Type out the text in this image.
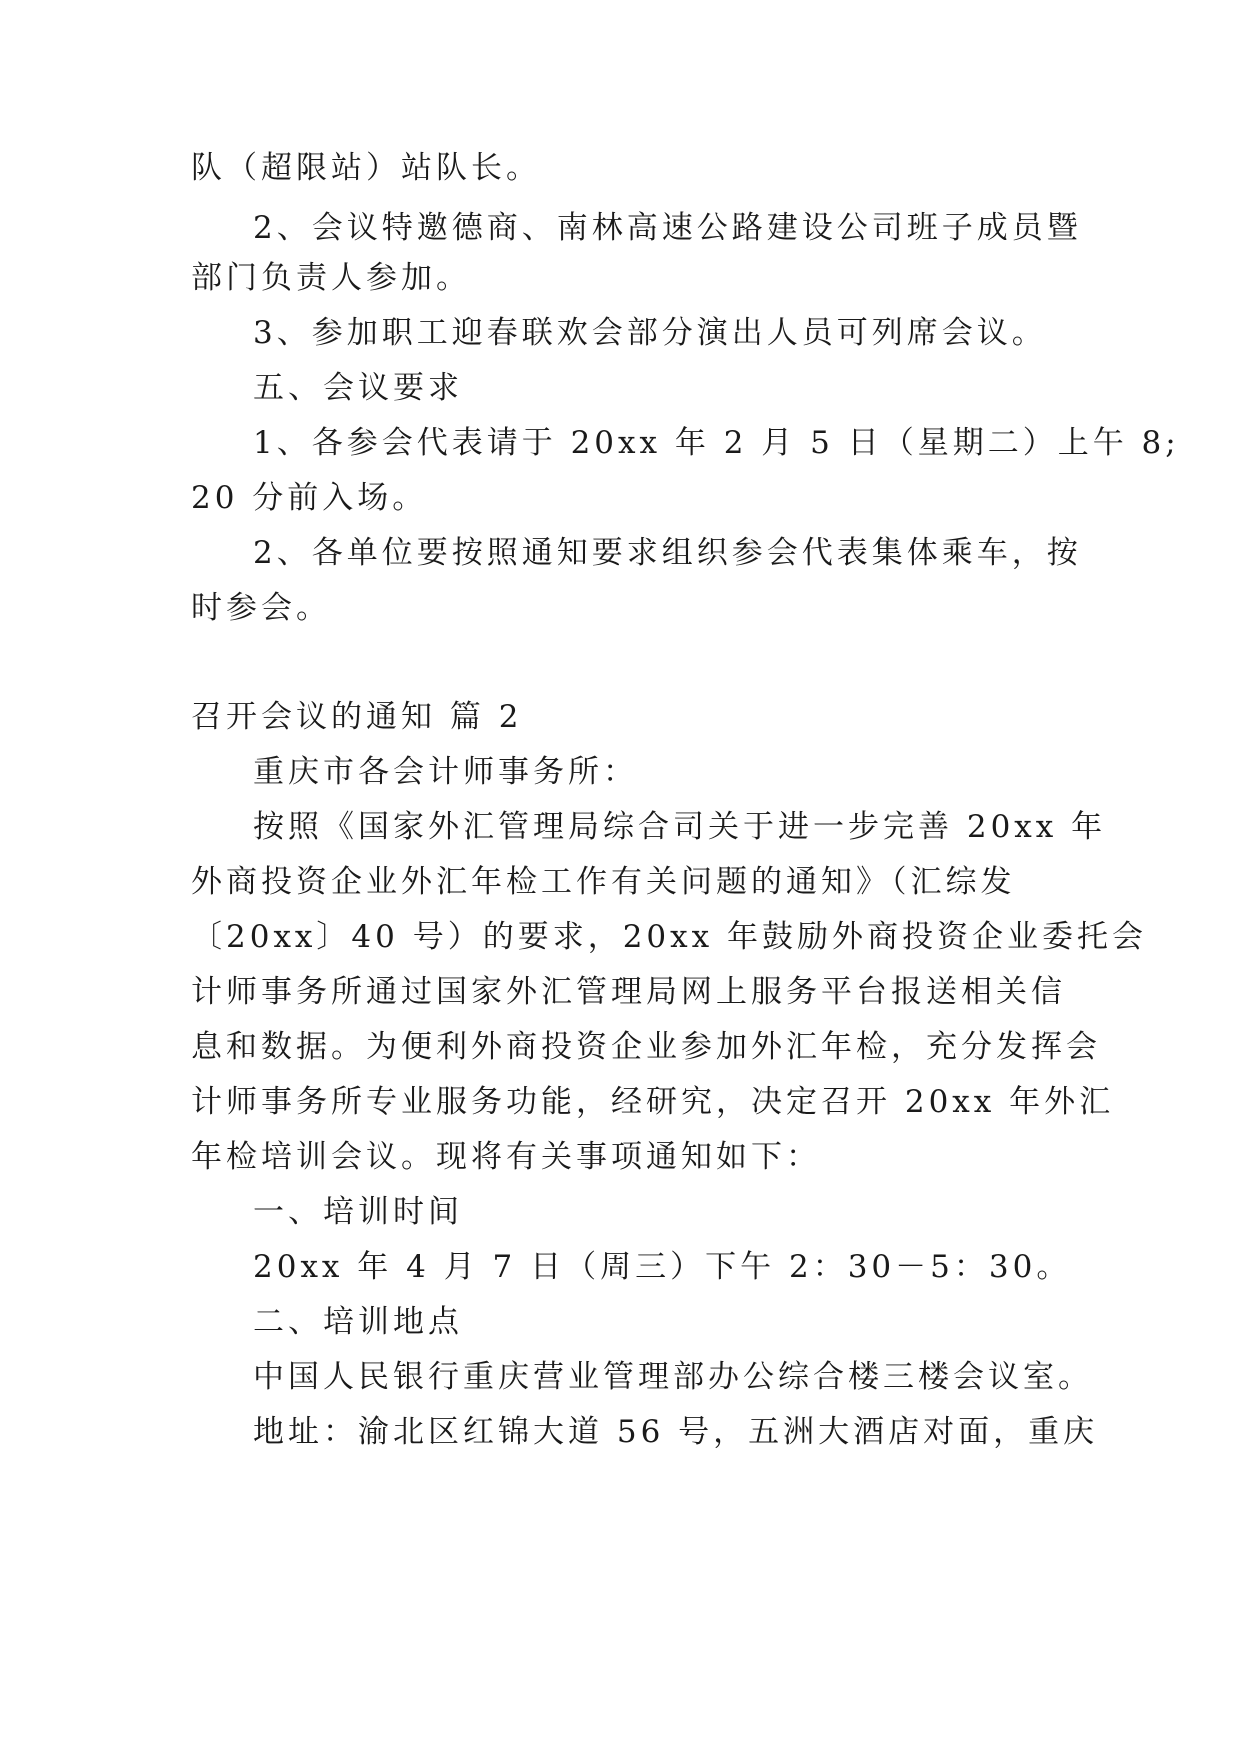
队（超限站）站队长。
2、会议特邀德商、南林高速公路建设公司班子成员暨
部门负责人参加。
3、参加职工迎春联欢会部分演出人员可列席会议。
五、会议要求
1、各参会代表请于 20xx 年 2 月 5 日（星期二）上午 8;
20 分前入场。
2、各单位要按照通知要求组织参会代表集体乘车，按
时参会。
召开会议的通知 篇 2
重庆市各会计师事务所：
按照《国家外汇管理局综合司关于进一步完善 20xx 年
外商投资企业外汇年检工作有关问题的通知》（汇综发
〔20xx〕40 号）的要求，20xx 年鼓励外商投资企业委托会
计师事务所通过国家外汇管理局网上服务平台报送相关信
息和数据。为便利外商投资企业参加外汇年检，充分发挥会
计师事务所专业服务功能，经研究，决定召开 20xx 年外汇
年检培训会议。现将有关事项通知如下：
一、培训时间
20xx 年 4 月 7 日（周三）下午 2：30－5：30。
二、培训地点
中国人民银行重庆营业管理部办公综合楼三楼会议室。
地址：渝北区红锦大道 56 号，五洲大酒店对面，重庆
